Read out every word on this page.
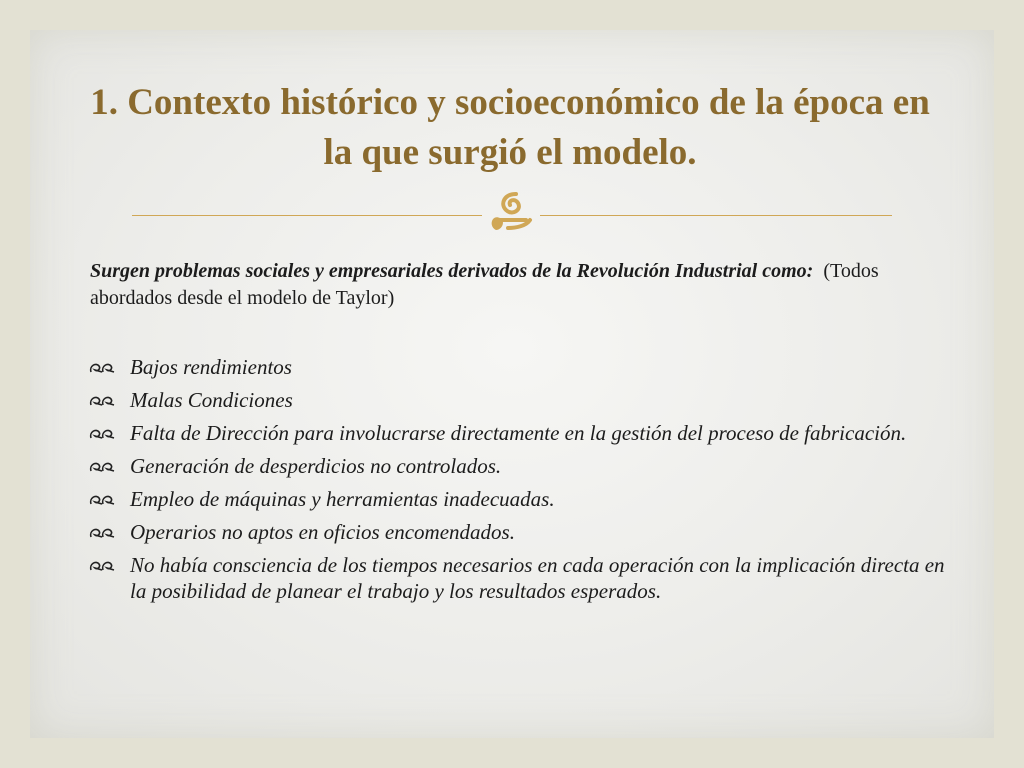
1. Contexto histórico y socioeconómico de la época en la que surgió el modelo.
Surgen problemas sociales y empresariales derivados de la Revolución Industrial como: (Todos abordados desde el modelo de Taylor)
Bajos rendimientos
Malas Condiciones
Falta de Dirección para involucrarse directamente en la gestión del proceso de fabricación.
Generación de desperdicios no controlados.
Empleo de máquinas y herramientas inadecuadas.
Operarios no aptos en oficios encomendados.
No había consciencia de los tiempos necesarios en cada operación con la implicación directa en la posibilidad de planear el trabajo y los resultados esperados.
